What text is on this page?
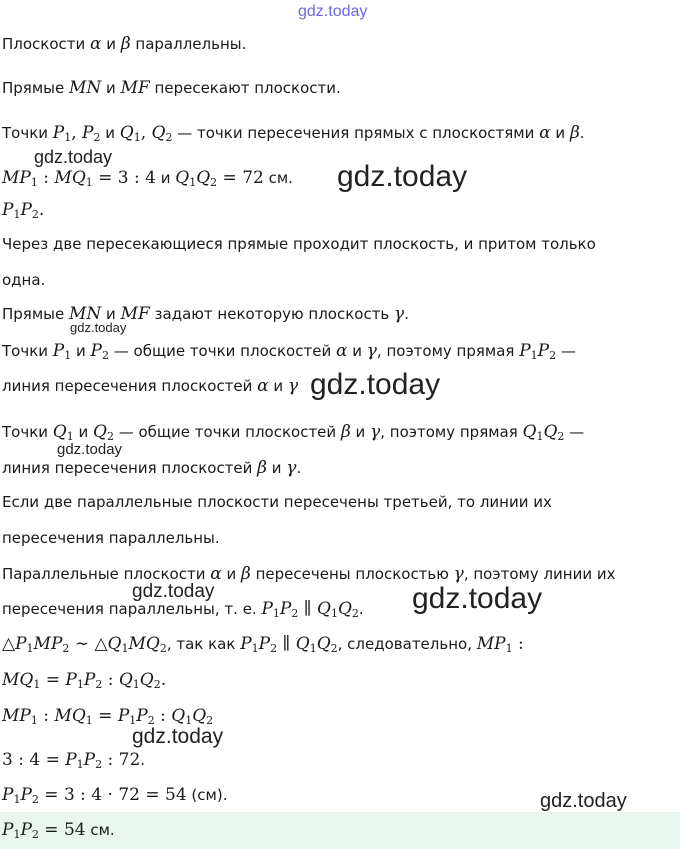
gdz.today
Плоскости α и β параллельны.
Прямые MN и MF пересекают плоскости.
Точки $P_1$, $P_2$ и $Q_1$, $Q_2$ — точки пересечения прямых с плоскостями α и β.
gdz.today
$MP_1$ : $MQ_1 = 3$ : 4 и $Q_1Q_2 = 72$ см. gdz.today
$P_1P_2$.
Через две пересекающиеся прямые проходит плоскость, и притом только
одна.
Прямые MN и MF задают некоторую плоскость γ.
gdz.today
Точки $P_1$ и $P_2$ — общие точки плоскостей α и γ, поэтому прямая $P_1P_2$ —
линия пересечения плоскостей α и γ gdz.today
Точки $Q_1$ и $Q_2$ — общие точки плоскостей β и γ, поэтому прямая $Q_1Q_2$ —
gdz.today
линия пересечения плоскостей β и γ.
Если две параллельные плоскости пересечены третьей, то линии их
пересечения параллельны.
Параллельные плоскости α и β пересечены плоскостью γ, поэтому линии их
gdz.today
пересечения параллельны, т. е. $P_1P_2$ ∥ $Q_1Q_2$. gdz.today
$\triangle P_1MP_2$ ∼ $\triangle Q_1MQ_2$, так как $P_1P_2$ ∥ $Q_1Q_2$, следовательно, $MP_1$ :
$MQ_1 = P_1P_2$ : $Q_1Q_2$.
$MP_1$ : $MQ_1 = P_1P_2$ : $Q_1Q_2$
gdz.today
3 : $4 = P_1P_2$ : 72.
$P_1P_2 = 3$ : 4 · 72 = 54 (см).	gdz.today
$P_1P_2 = 54$ см.
